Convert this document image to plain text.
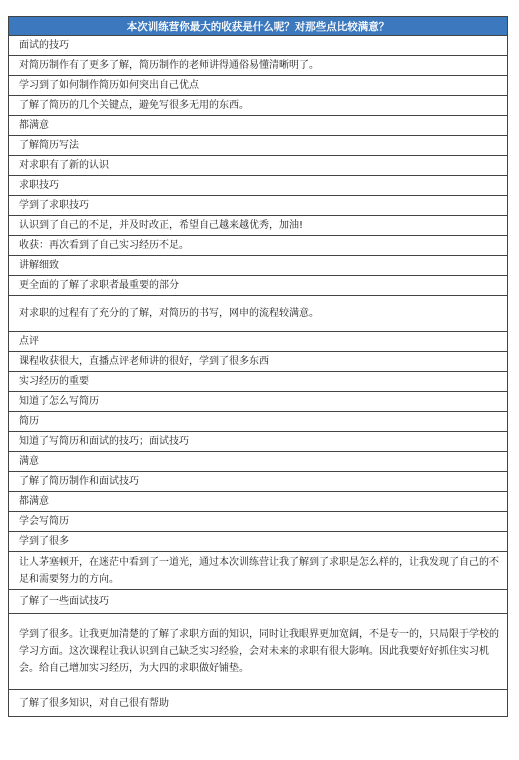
本次训练营你最大的收获是什么呢？对那些点比较满意？
面试的技巧
对简历制作有了更多了解，简历制作的老师讲得通俗易懂清晰明了。
学习到了如何制作简历如何突出自己优点
了解了简历的几个关键点，避免写很多无用的东西。
都满意
了解简历写法
对求职有了新的认识
求职技巧
学到了求职技巧
认识到了自己的不足，并及时改正，希望自己越来越优秀，加油!
收获：再次看到了自己实习经历不足。
讲解细致
更全面的了解了求职者最重要的部分
对求职的过程有了充分的了解，对简历的书写，网申的流程较满意。
点评
课程收获很大，直播点评老师讲的很好，学到了很多东西
实习经历的重要
知道了怎么写简历
简历
知道了写简历和面试的技巧；面试技巧
满意
了解了简历制作和面试技巧
都满意
学会写简历
学到了很多
让人茅塞顿开，在迷茫中看到了一道光，通过本次训练营让我了解到了求职是怎么样的，让我发现了自己的不足和需要努力的方向。
了解了一些面试技巧
学到了很多。让我更加清楚的了解了求职方面的知识，同时让我眼界更加宽阔，不是专一的，只局限于学校的学习方面。这次课程让我认识到自己缺乏实习经验，会对未来的求职有很大影响。因此我要好好抓住实习机会。给自己增加实习经历，为大四的求职做好铺垫。
了解了很多知识，对自己很有帮助
